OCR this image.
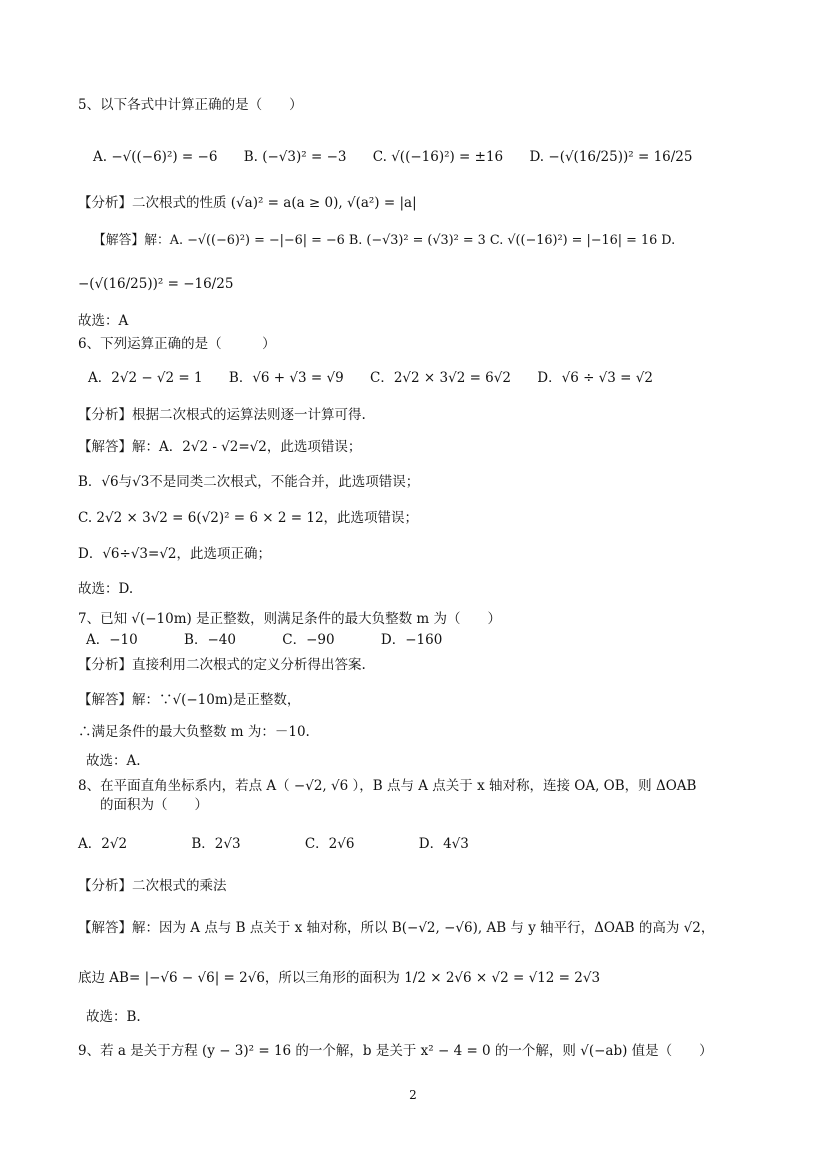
5、以下各式中计算正确的是（　　）
A. −√((−6)²) = −6 B. (−√3)² = −3 C. √((−16)²) = ±16 D. −(√(16/25))² = 16/25
【分析】二次根式的性质 (√a)² = a(a ≥ 0), √(a²) = |a|
【解答】解：A. −√((−6)²) = −|−6| = −6 B. (−√3)² = (√3)² = 3 C. √((−16)²) = |−16| = 16 D.
−(√(16/25))² = −16/25
故选：A
6、下列运算正确的是（　　　）
A．2√2 − √2 = 1 B．√6 + √3 = √9 C．2√2 × 3√2 = 6√2 D．√6 ÷ √3 = √2
【分析】根据二次根式的运算法则逐一计算可得.
【解答】解：A．2√2 - √2=√2，此选项错误；
B．√6与√3不是同类二次根式，不能合并，此选项错误；
C. 2√2 × 3√2 = 6(√2)² = 6 × 2 = 12，此选项错误；
D．√6÷√3=√2，此选项正确；
故选：D.
7、已知 √(−10m) 是正整数，则满足条件的最大负整数 m 为（　　）
A．−10	B．−40	C．−90	D．−160
【分析】直接利用二次根式的定义分析得出答案.
【解答】解：∵√(−10m)是正整数，
∴满足条件的最大负整数 m 为：－10.
故选：A.
8、在平面直角坐标系内，若点 A（ −√2, √6 ），B 点与 A 点关于 x 轴对称，连接 OA, OB，则 ΔOAB
的面积为（　　）
A．2√2	B．2√3	C．2√6	D．4√3
【分析】二次根式的乘法
【解答】解：因为 A 点与 B 点关于 x 轴对称，所以 B(−√2, −√6), AB 与 y 轴平行，ΔOAB 的高为 √2，
底边 AB= |−√6 − √6| = 2√6，所以三角形的面积为 1/2 × 2√6 × √2 = √12 = 2√3
故选：B.
9、若 a 是关于方程 (y − 3)² = 16 的一个解，b 是关于 x² − 4 = 0 的一个解，则 √(−ab) 值是（　　）
2
